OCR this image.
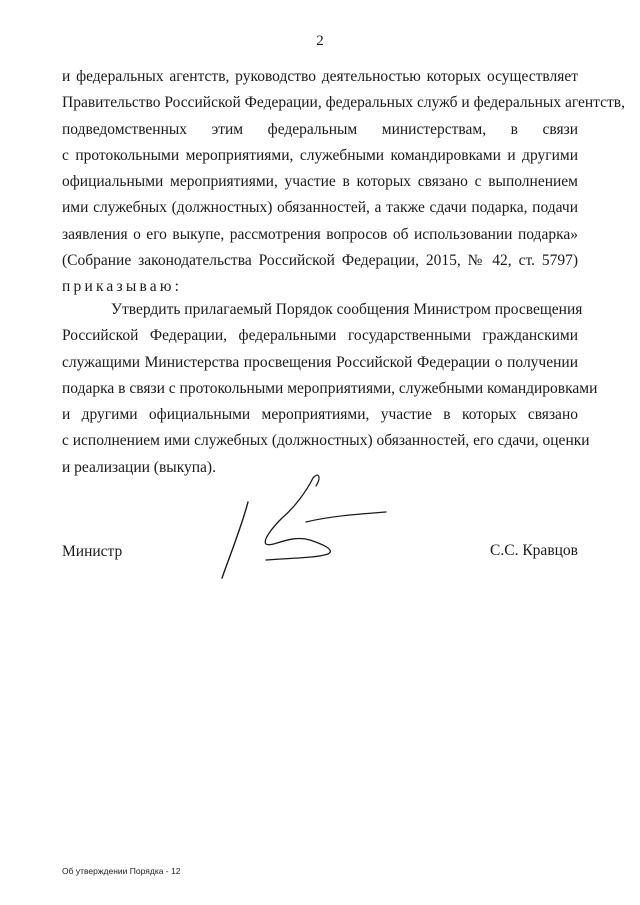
2
и федеральных агентств, руководство деятельностью которых осуществляет
Правительство Российской Федерации, федеральных служб и федеральных агентств,
подведомственных этим федеральным министерствам, в связи
с протокольными мероприятиями, служебными командировками и другими
официальными мероприятиями, участие в которых связано с выполнением
ими служебных (должностных) обязанностей, а также сдачи подарка, подачи
заявления о его выкупе, рассмотрения вопросов об использовании подарка»
(Собрание законодательства Российской Федерации, 2015, № 42, ст. 5797)
приказываю:
Утвердить прилагаемый Порядок сообщения Министром просвещения
Российской Федерации, федеральными государственными гражданскими
служащими Министерства просвещения Российской Федерации о получении
подарка в связи с протокольными мероприятиями, служебными командировками
и другими официальными мероприятиями, участие в которых связано
с исполнением ими служебных (должностных) обязанностей, его сдачи, оценки
и реализации (выкупа).
Министр	С.С. Кравцов
Об утверждении Порядка - 12
